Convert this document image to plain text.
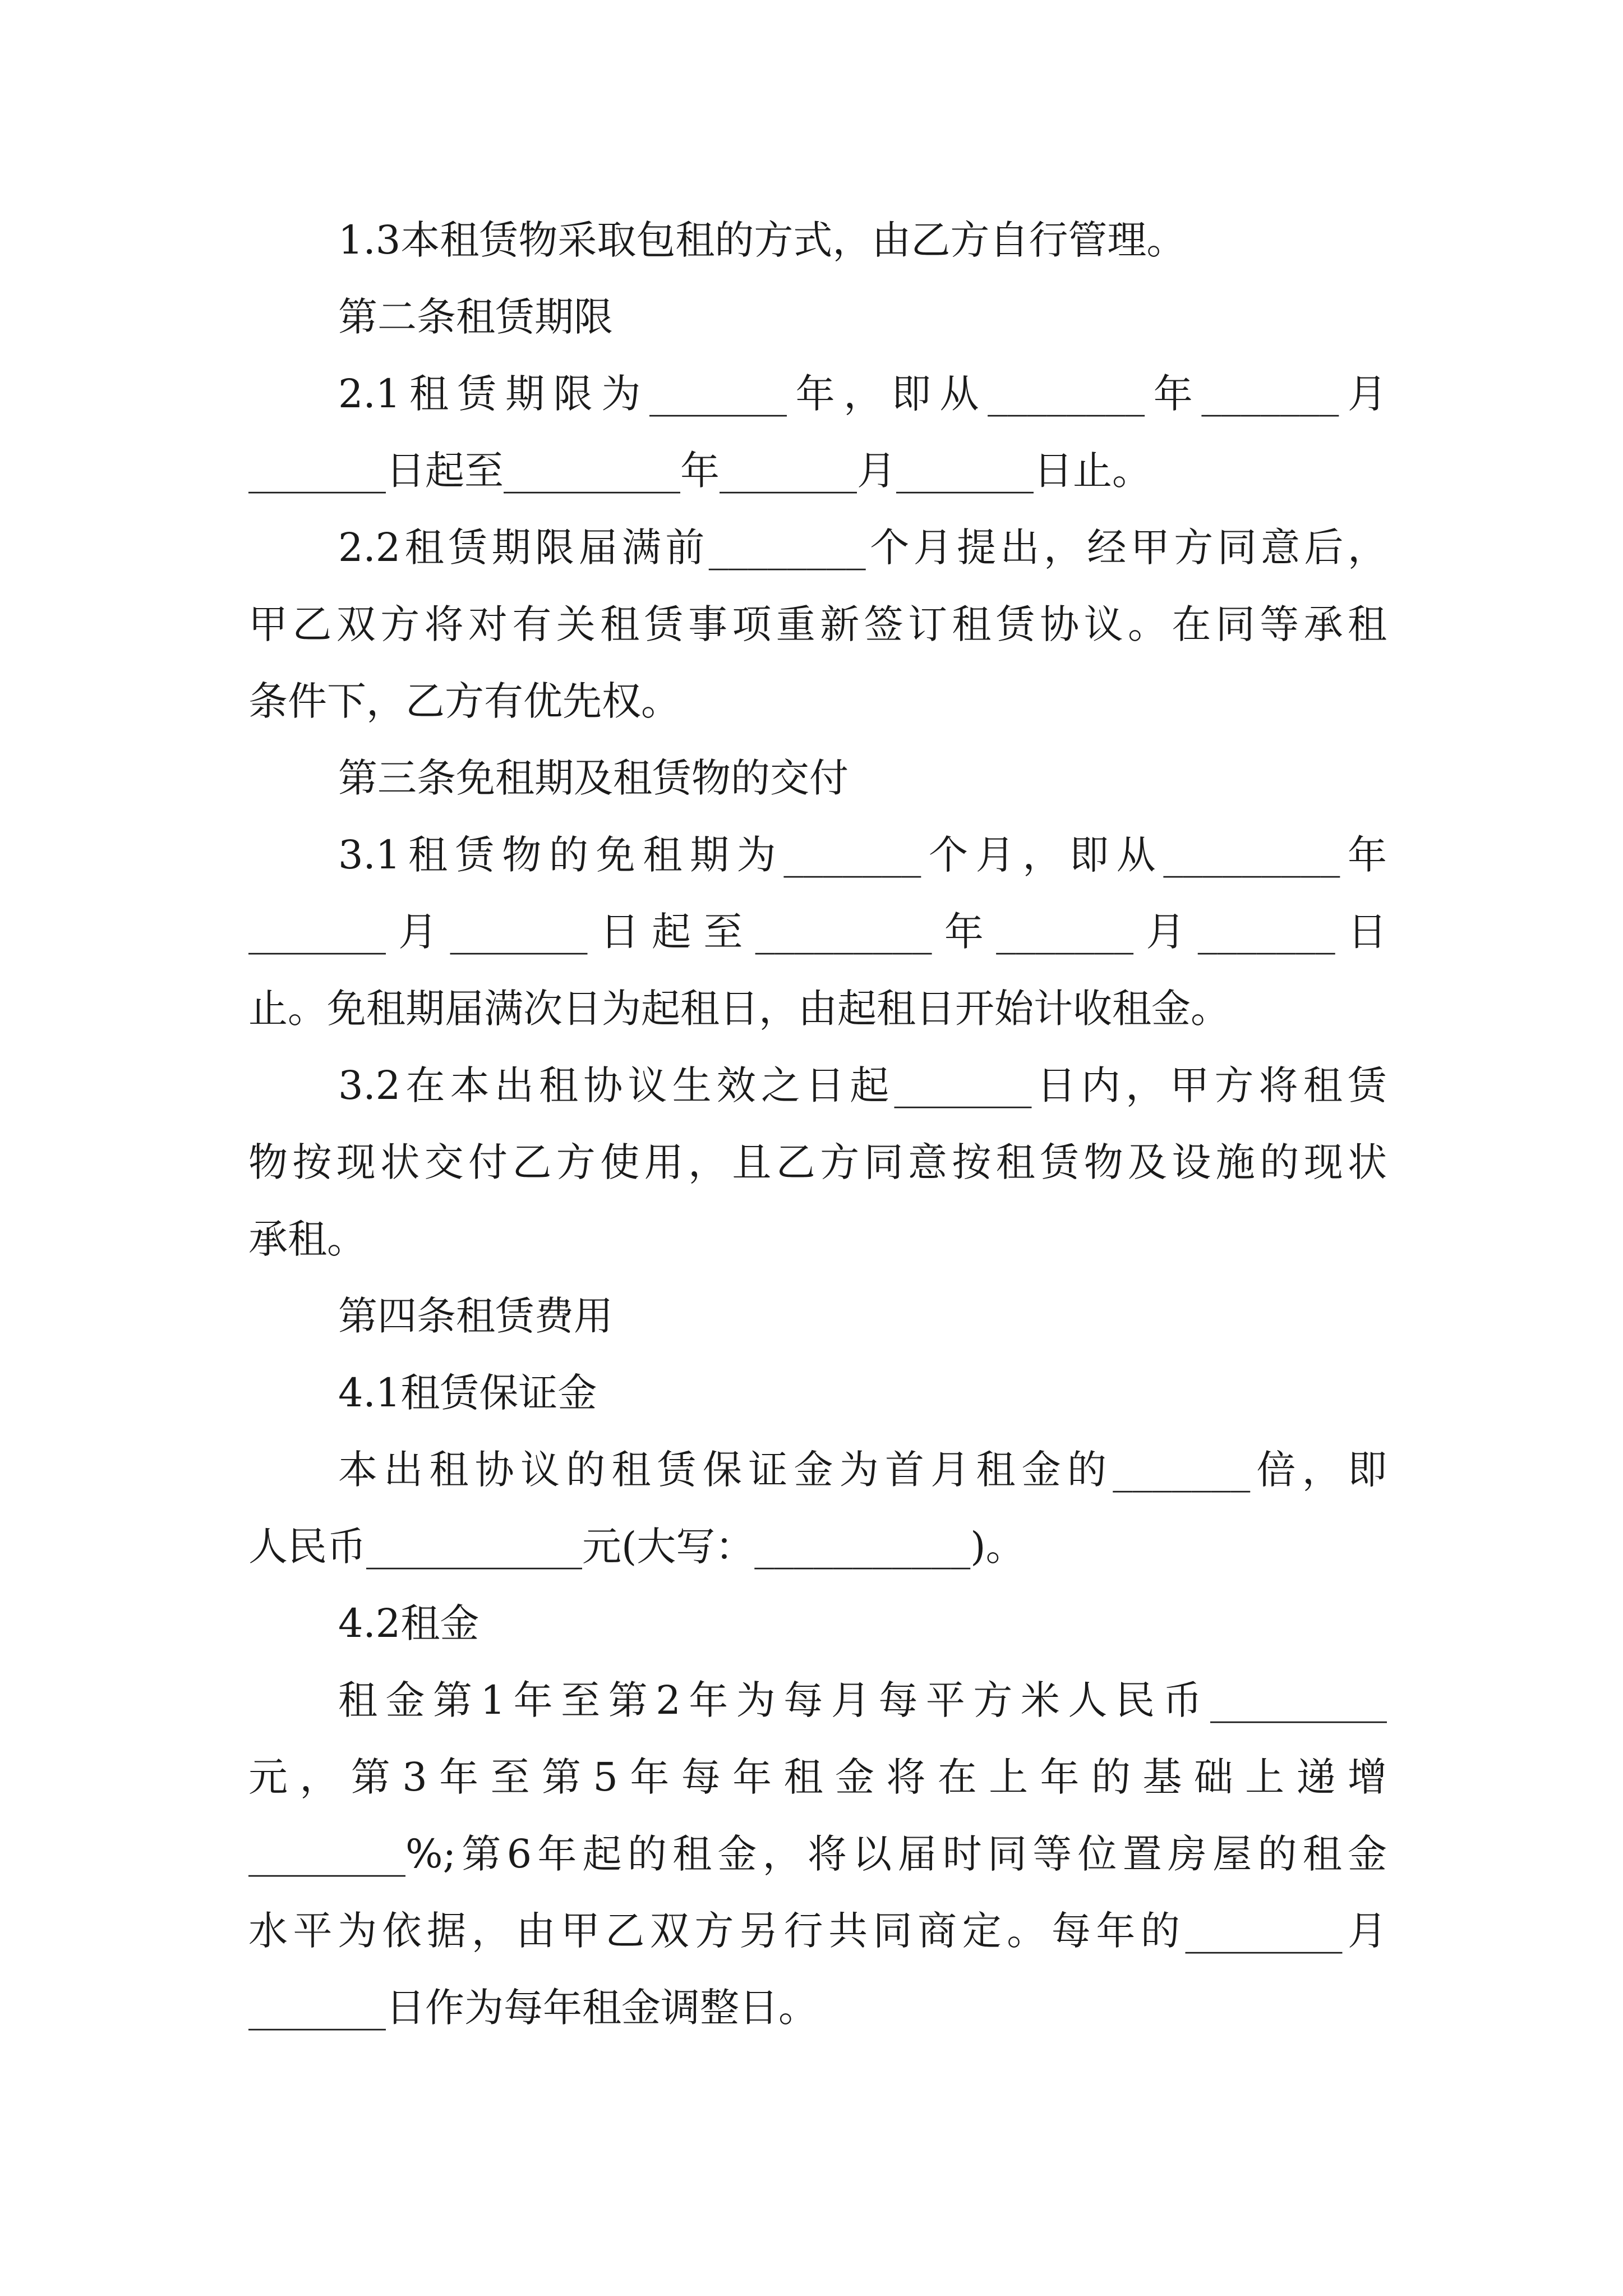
1.3本租赁物采取包租的方式，由乙方自行管理。
第二条租赁期限
2.1租赁期限为_______年，即从________年_______月
_______日起至_________年_______月_______日止。
2.2租赁期限届满前________个月提出，经甲方同意后，
甲乙双方将对有关租赁事项重新签订租赁协议。在同等承租
条件下，乙方有优先权。
第三条免租期及租赁物的交付
3.1租赁物的免租期为_______个月，即从_________年
_______月_______日起至_________年_______月_______日
止。免租期届满次日为起租日，由起租日开始计收租金。
3.2在本出租协议生效之日起_______日内，甲方将租赁
物按现状交付乙方使用，且乙方同意按租赁物及设施的现状
承租。
第四条租赁费用
4.1租赁保证金
本出租协议的租赁保证金为首月租金的_______倍，即
人民币___________元(大写：___________)。
4.2租金
租金第1年至第2年为每月每平方米人民币_________
元，第3年至第5年每年租金将在上年的基础上递增
________%;第6年起的租金，将以届时同等位置房屋的租金
水平为依据，由甲乙双方另行共同商定。每年的________月
_______日作为每年租金调整日。
